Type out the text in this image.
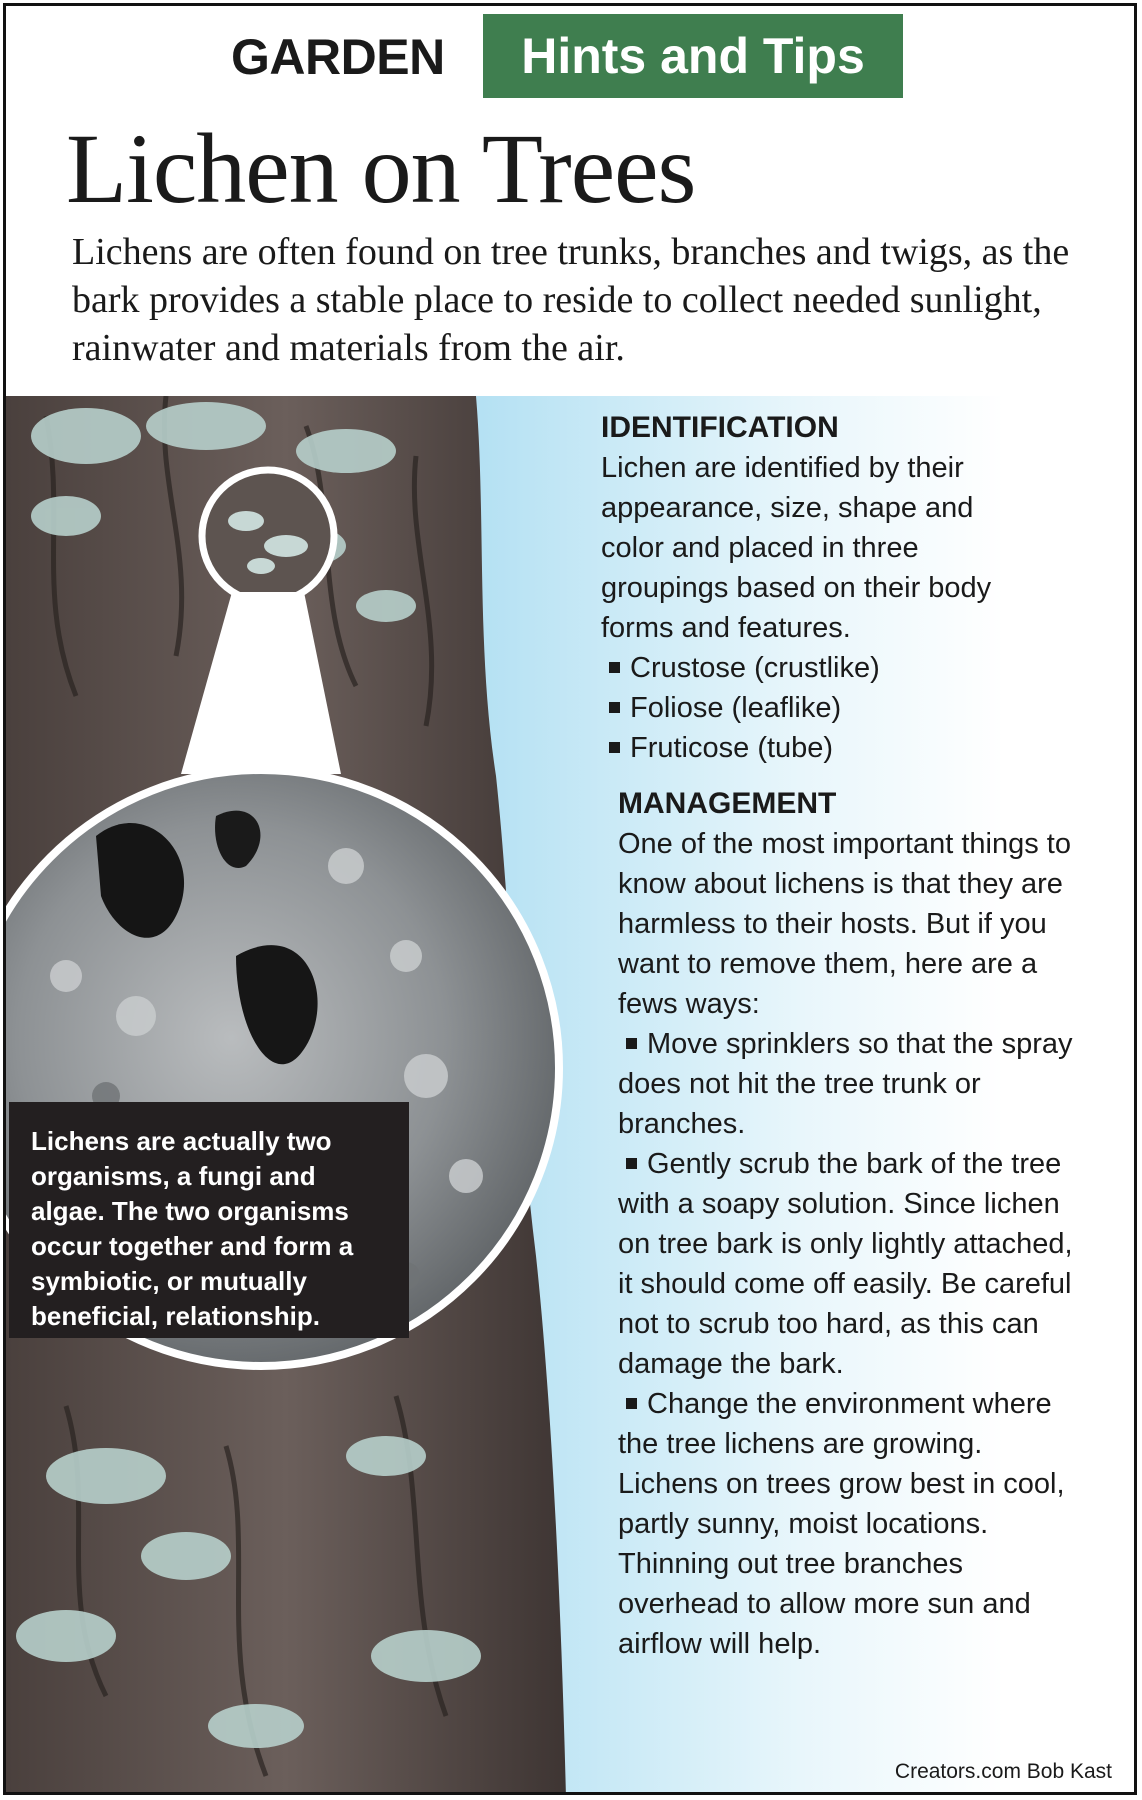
GARDEN	Hints and Tips
Lichen on Trees
Lichens are often found on tree trunks, branches and twigs, as the bark provides a stable place to reside to collect needed sunlight, rainwater and materials from the air.

Lichens are actually two organisms, a fungi and algae. The two organisms occur together and form a symbiotic, or mutually beneficial, relationship.

IDENTIFICATION

Lichen are identified by their appearance, size, shape and color and placed in three groupings based on their body forms and features.

Crustose (crustlike)
Foliose (leaflike)
Fruticose (tube)
MANAGEMENT

One of the most important things to know about lichens is that they are harmless to their hosts. But if you want to remove them, here are a fews ways:

Move sprinklers so that the spray does not hit the tree trunk or branches.

Gently scrub the bark of the tree with a soapy solution. Since lichen on tree bark is only lightly attached, it should come off easily. Be careful not to scrub too hard, as this can damage the bark.

Change the environment where the tree lichens are growing. Lichens on trees grow best in cool, partly sunny, moist locations. Thinning out tree branches overhead to allow more sun and airflow will help.

Creators.com Bob Kast
